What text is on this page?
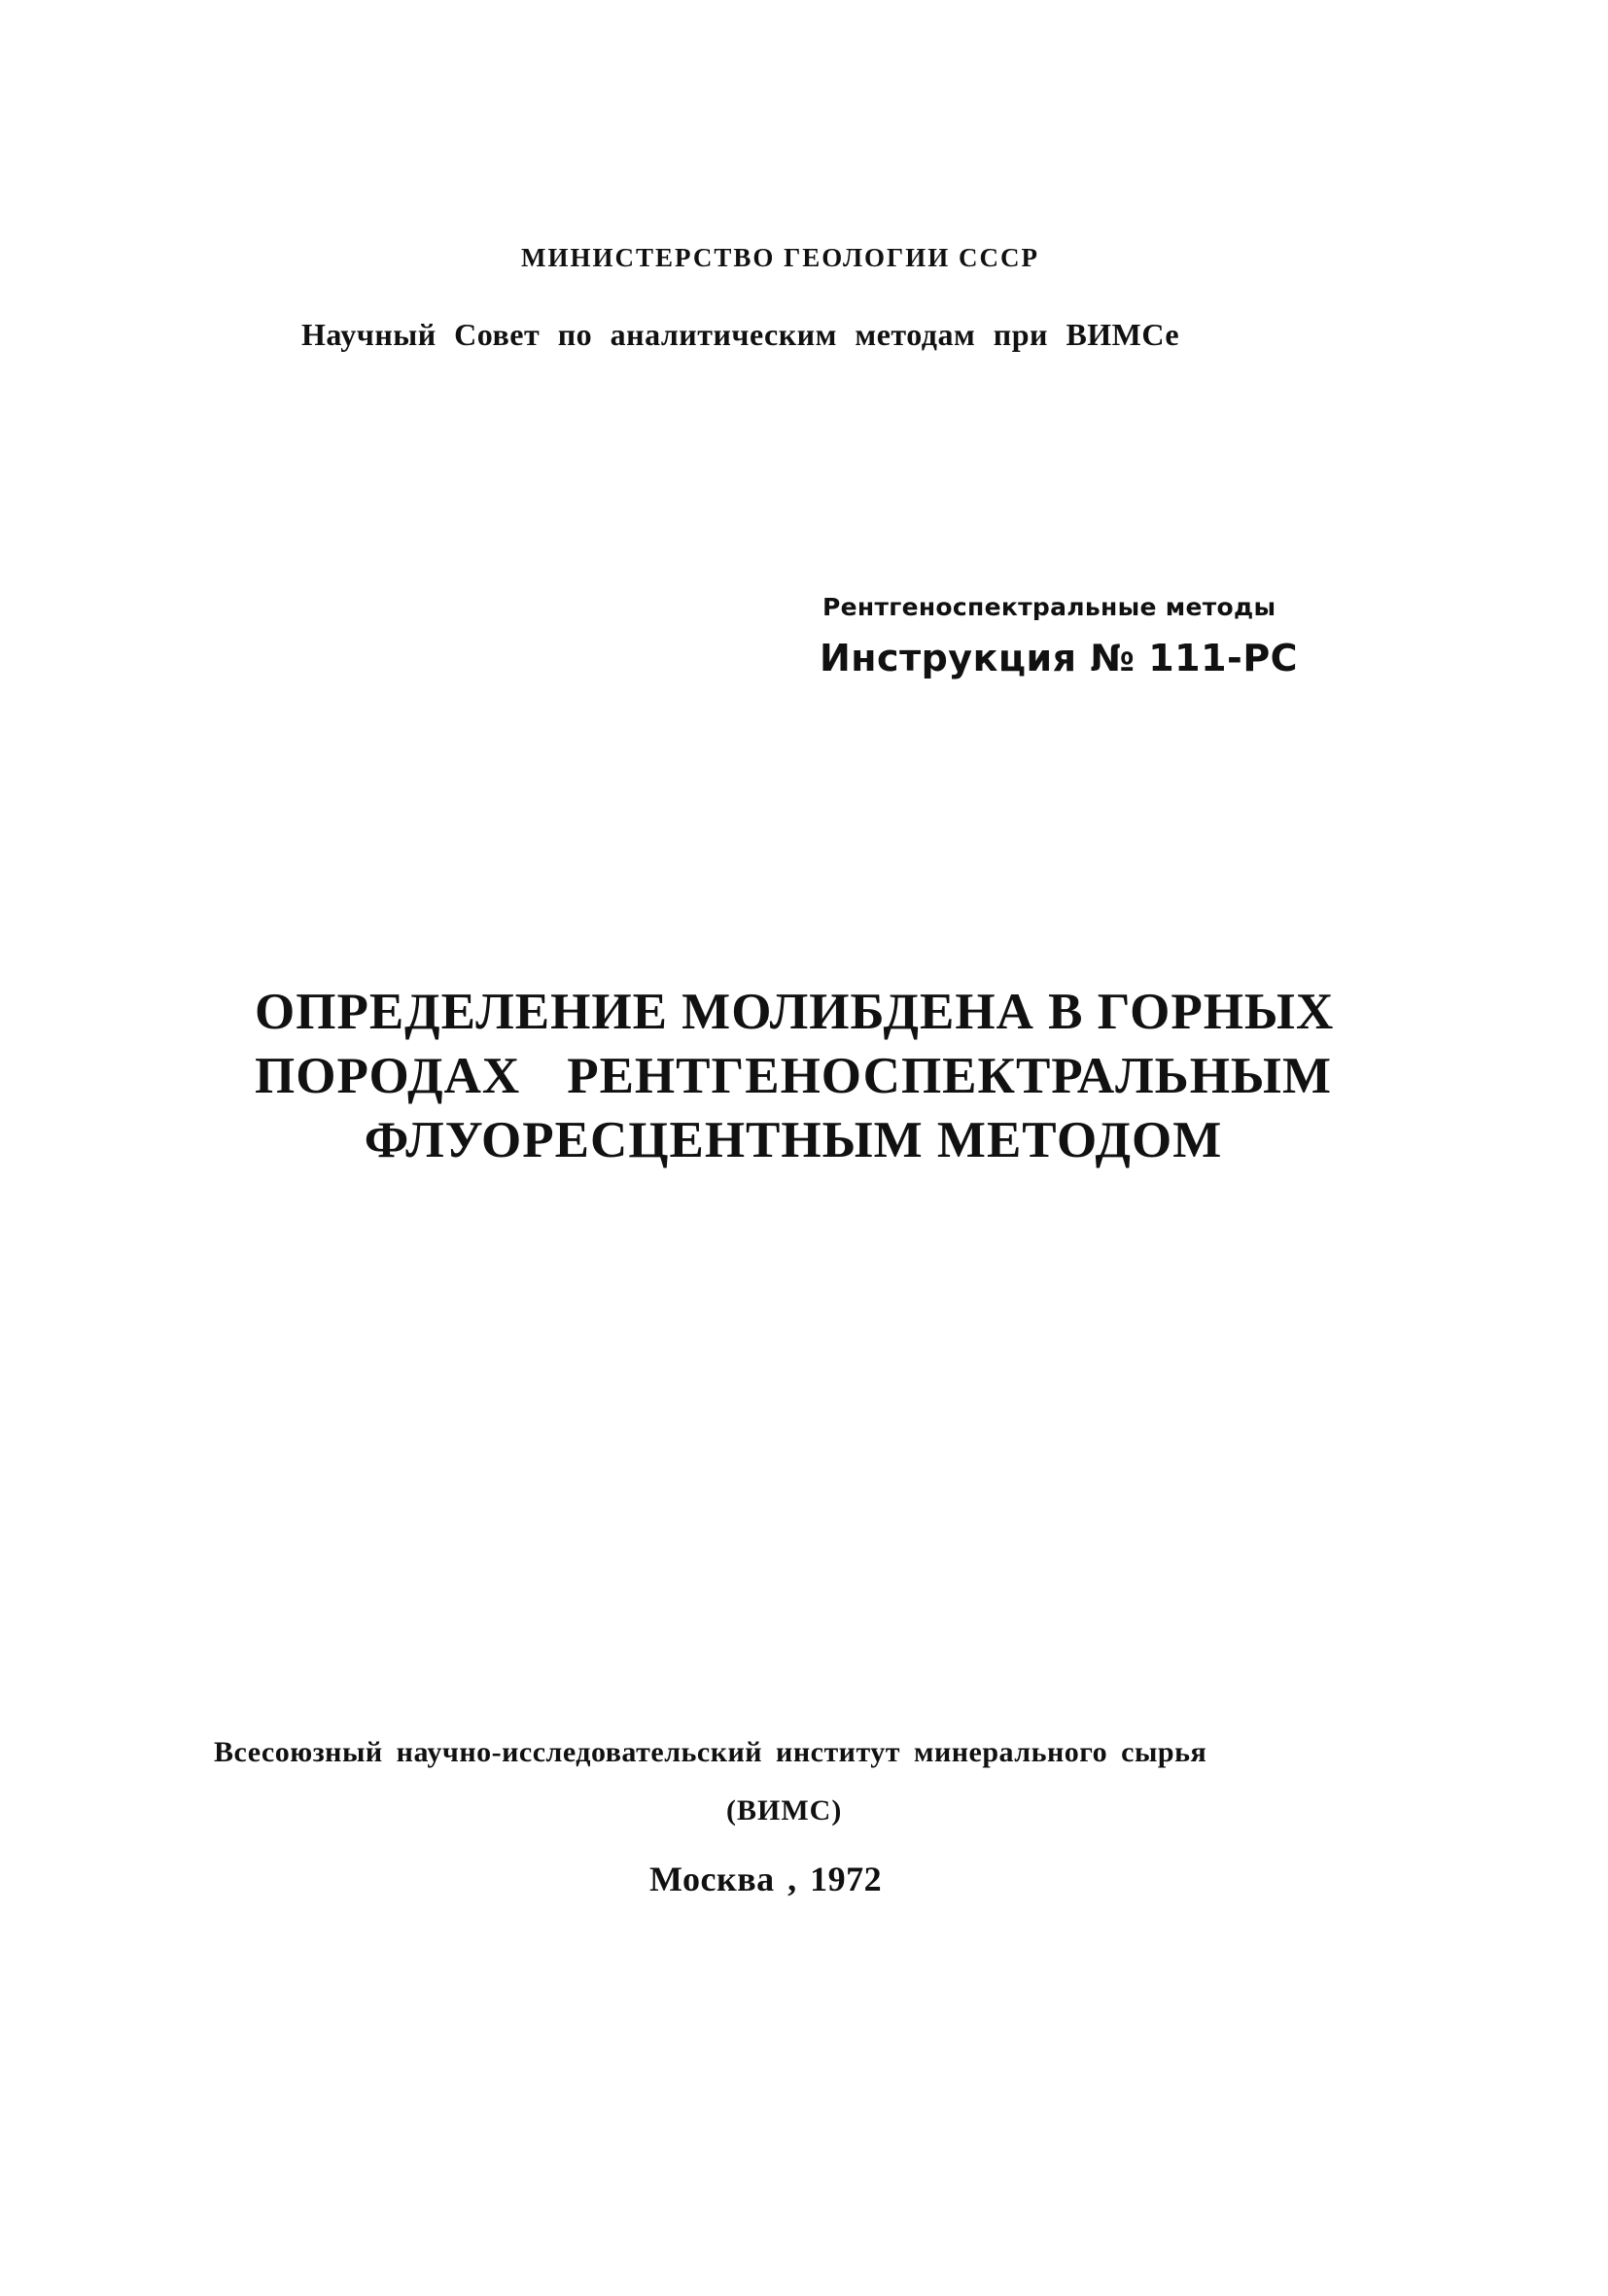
МИНИСТЕРСТВО ГЕОЛОГИИ СССР
Научный Совет по аналитическим методам при ВИМСе
Рентгеноспектральные методы
Инструкция № 111-РС
ОПРЕДЕЛЕНИЕ МОЛИБДЕНА В ГОРНЫХ
ПОРОДАХ РЕНТГЕНОСПЕКТРАЛЬНЫМ
ФЛУОРЕСЦЕНТНЫМ МЕТОДОМ
Всесоюзный научно-исследовательский институт минерального сырья
(ВИМС)
Москва , 1972
